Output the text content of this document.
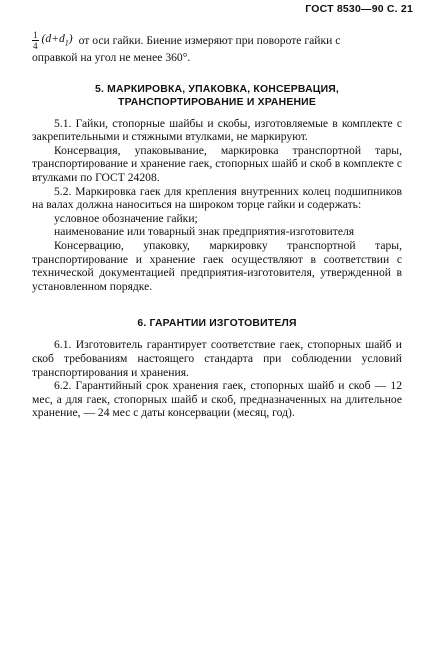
ГОСТ 8530—90 С. 21
$\frac{1}{4} (d+d_1)$ от оси гайки. Биение измеряют при повороте гайки с

оправкой на угол не менее 360°.

5. МАРКИРОВКА, УПАКОВКА, КОНСЕРВАЦИЯ,
ТРАНСПОРТИРОВАНИЕ И ХРАНЕНИЕ

5.1. Гайки, стопорные шайбы и скобы, изготовляемые в комплекте с закрепительными и стяжными втулками, не маркируют.

Консервация, упаковывание, маркировка транспортной тары, транспортирование и хранение гаек, стопорных шайб и скоб в комплекте с втулками по ГОСТ 24208.

5.2. Маркировка гаек для крепления внутренних колец подшипников на валах должна наноситься на широком торце гайки и содержать:

условное обозначение гайки;

наименование или товарный знак предприятия-изготовителя

Консервацию, упаковку, маркировку транспортной тары, транспортирование и хранение гаек осуществляют в соответствии с технической документацией предприятия-изготовителя, утвержденной в установленном порядке.

6. ГАРАНТИИ ИЗГОТОВИТЕЛЯ

6.1. Изготовитель гарантирует соответствие гаек, стопорных шайб и скоб требованиям настоящего стандарта при соблюдении условий транспортирования и хранения.

6.2. Гарантийный срок хранения гаек, стопорных шайб и скоб — 12 мес, а для гаек, стопорных шайб и скоб, предназначенных на длительное хранение, — 24 мес с даты консервации (месяц, год).
